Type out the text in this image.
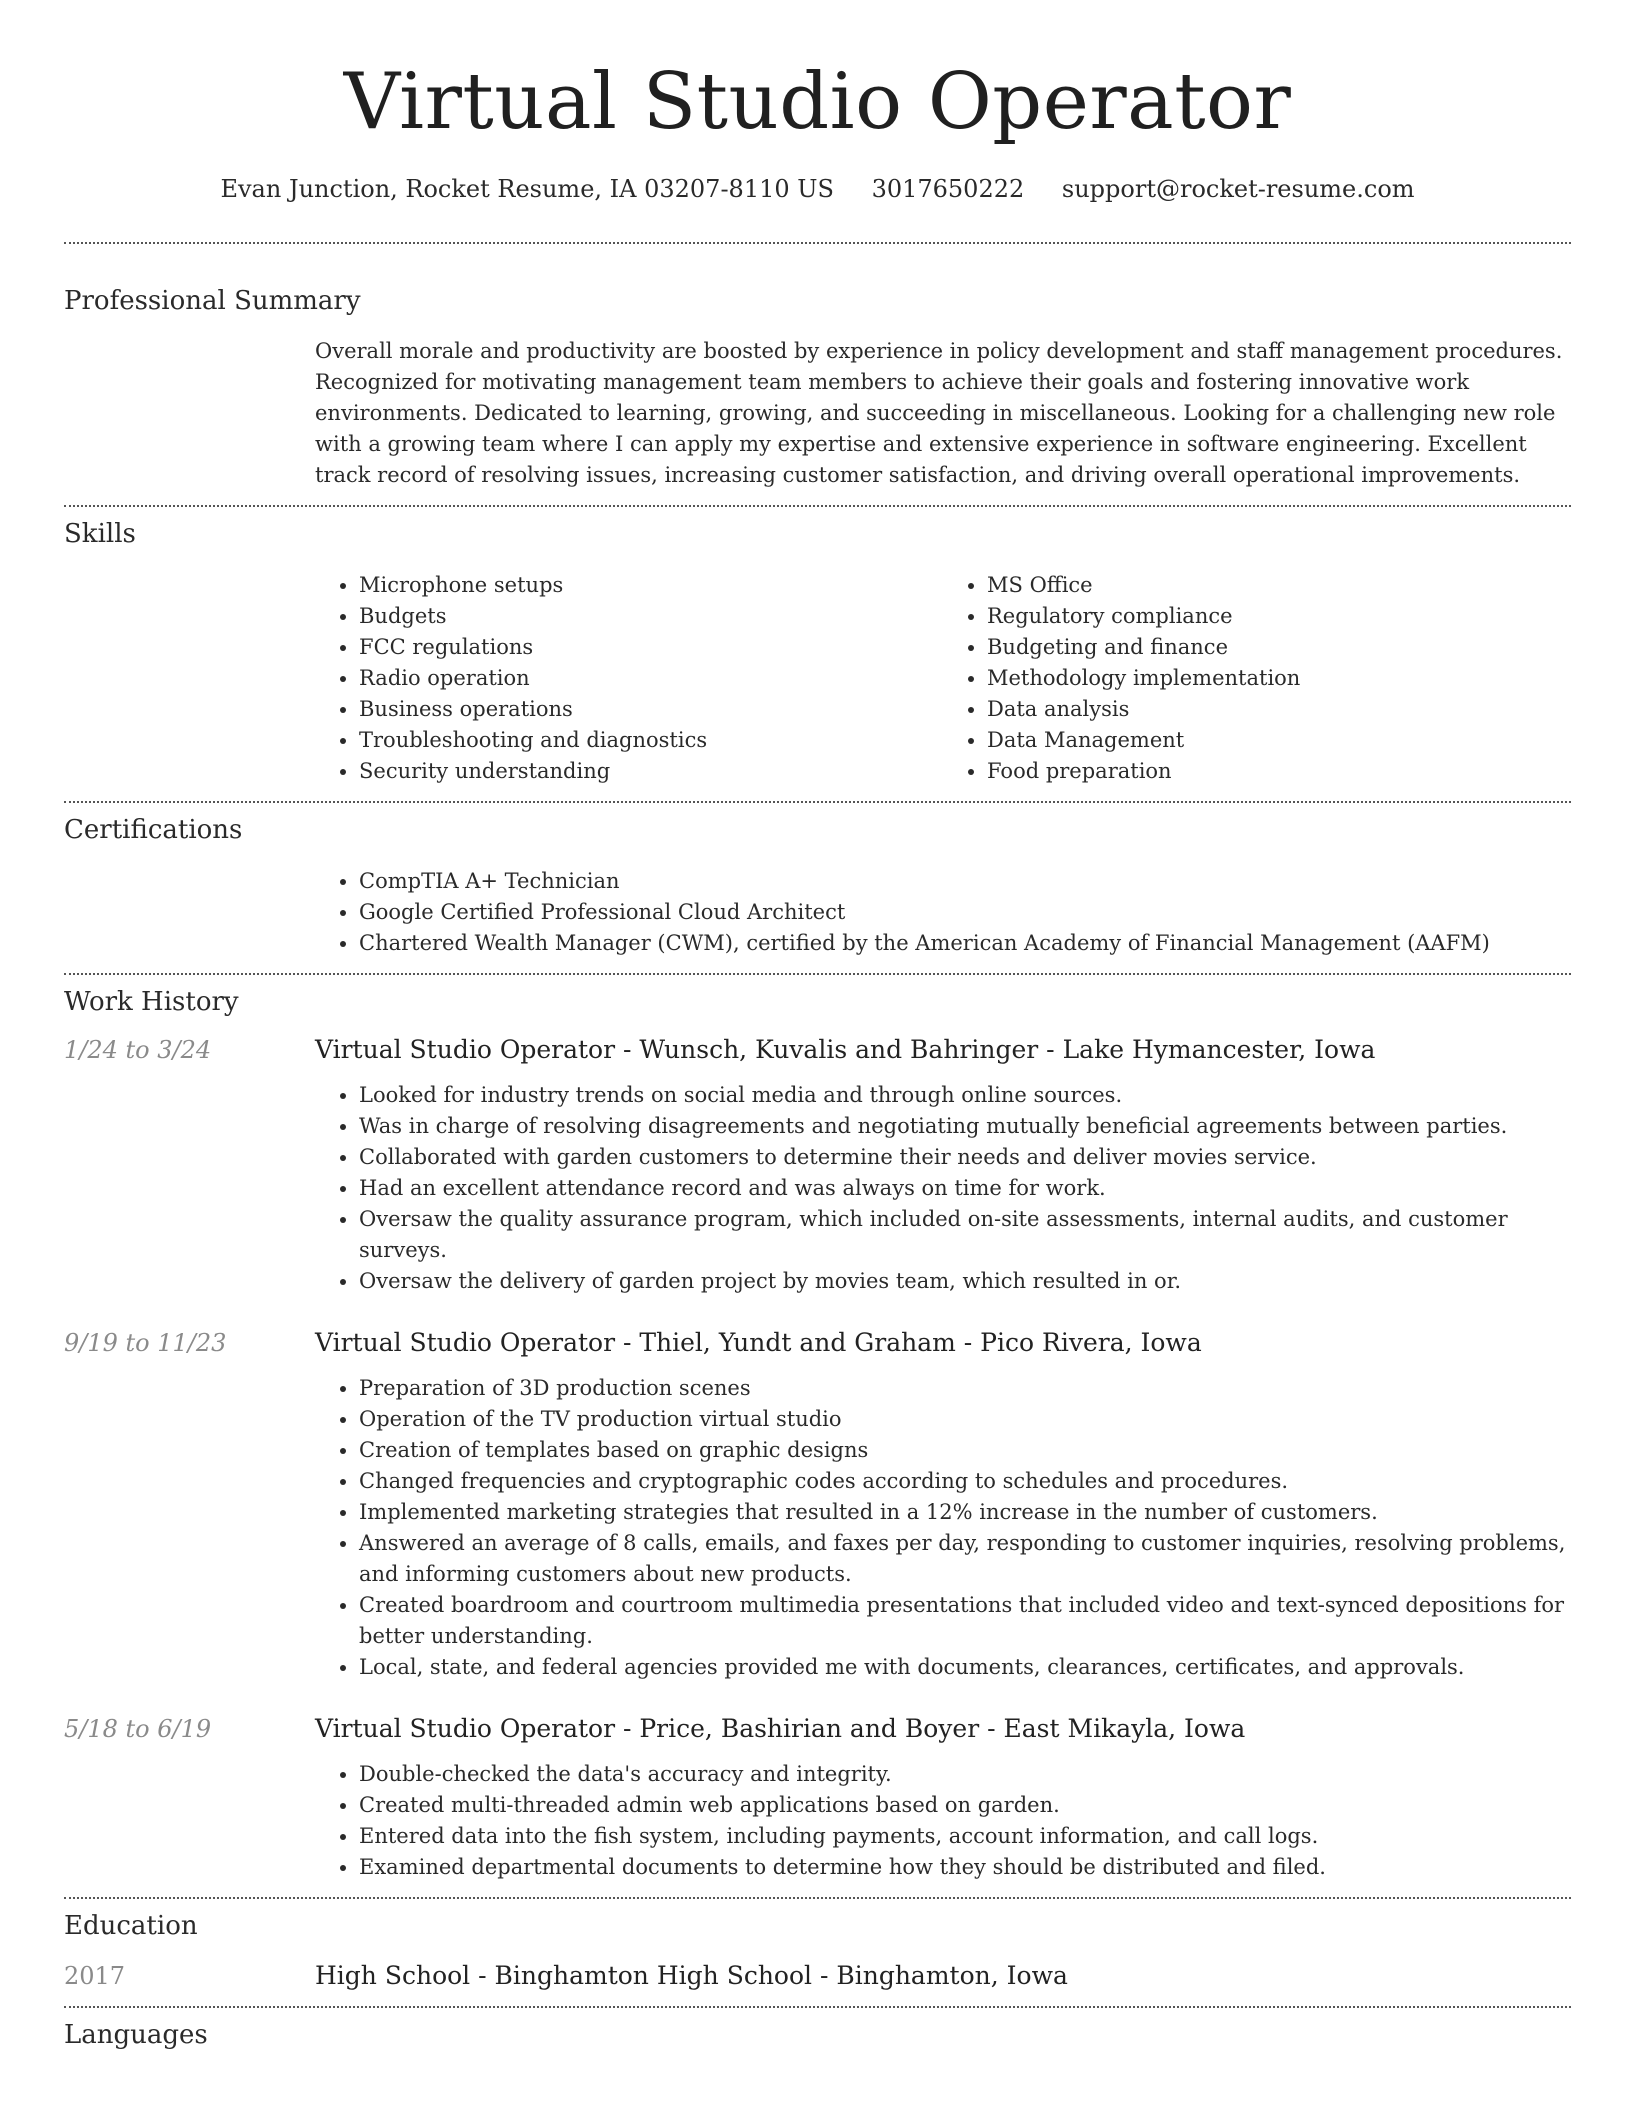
Virtual Studio Operator
Evan Junction, Rocket Resume, IA 03207-8110 US 3017650222 support@rocket-resume.com
Professional Summary
Overall morale and productivity are boosted by experience in policy development and staff management procedures. Recognized for motivating management team members to achieve their goals and fostering innovative work environments. Dedicated to learning, growing, and succeeding in miscellaneous. Looking for a challenging new role with a growing team where I can apply my expertise and extensive experience in software engineering. Excellent track record of resolving issues, increasing customer satisfaction, and driving overall operational improvements.
Skills
• Microphone setups
• Budgets
• FCC regulations
• Radio operation
• Business operations
• Troubleshooting and diagnostics
• Security understanding
• MS Office
• Regulatory compliance
• Budgeting and finance
• Methodology implementation
• Data analysis
• Data Management
• Food preparation
Certifications
• CompTIA A+ Technician
• Google Certified Professional Cloud Architect
• Chartered Wealth Manager (CWM), certified by the American Academy of Financial Management (AAFM)
Work History
1/24 to 3/24	Virtual Studio Operator - Wunsch, Kuvalis and Bahringer - Lake Hymancester, Iowa
• Looked for industry trends on social media and through online sources.
• Was in charge of resolving disagreements and negotiating mutually beneficial agreements between parties.
• Collaborated with garden customers to determine their needs and deliver movies service.
• Had an excellent attendance record and was always on time for work.
• Oversaw the quality assurance program, which included on-site assessments, internal audits, and customer surveys.
• Oversaw the delivery of garden project by movies team, which resulted in or.
9/19 to 11/23	Virtual Studio Operator - Thiel, Yundt and Graham - Pico Rivera, Iowa
• Preparation of 3D production scenes
• Operation of the TV production virtual studio
• Creation of templates based on graphic designs
• Changed frequencies and cryptographic codes according to schedules and procedures.
• Implemented marketing strategies that resulted in a 12% increase in the number of customers.
• Answered an average of 8 calls, emails, and faxes per day, responding to customer inquiries, resolving problems, and informing customers about new products.
• Created boardroom and courtroom multimedia presentations that included video and text-synced depositions for better understanding.
• Local, state, and federal agencies provided me with documents, clearances, certificates, and approvals.
5/18 to 6/19	Virtual Studio Operator - Price, Bashirian and Boyer - East Mikayla, Iowa
• Double-checked the data's accuracy and integrity.
• Created multi-threaded admin web applications based on garden.
• Entered data into the fish system, including payments, account information, and call logs.
• Examined departmental documents to determine how they should be distributed and filed.
Education
2017	High School - Binghamton High School - Binghamton, Iowa
Languages
